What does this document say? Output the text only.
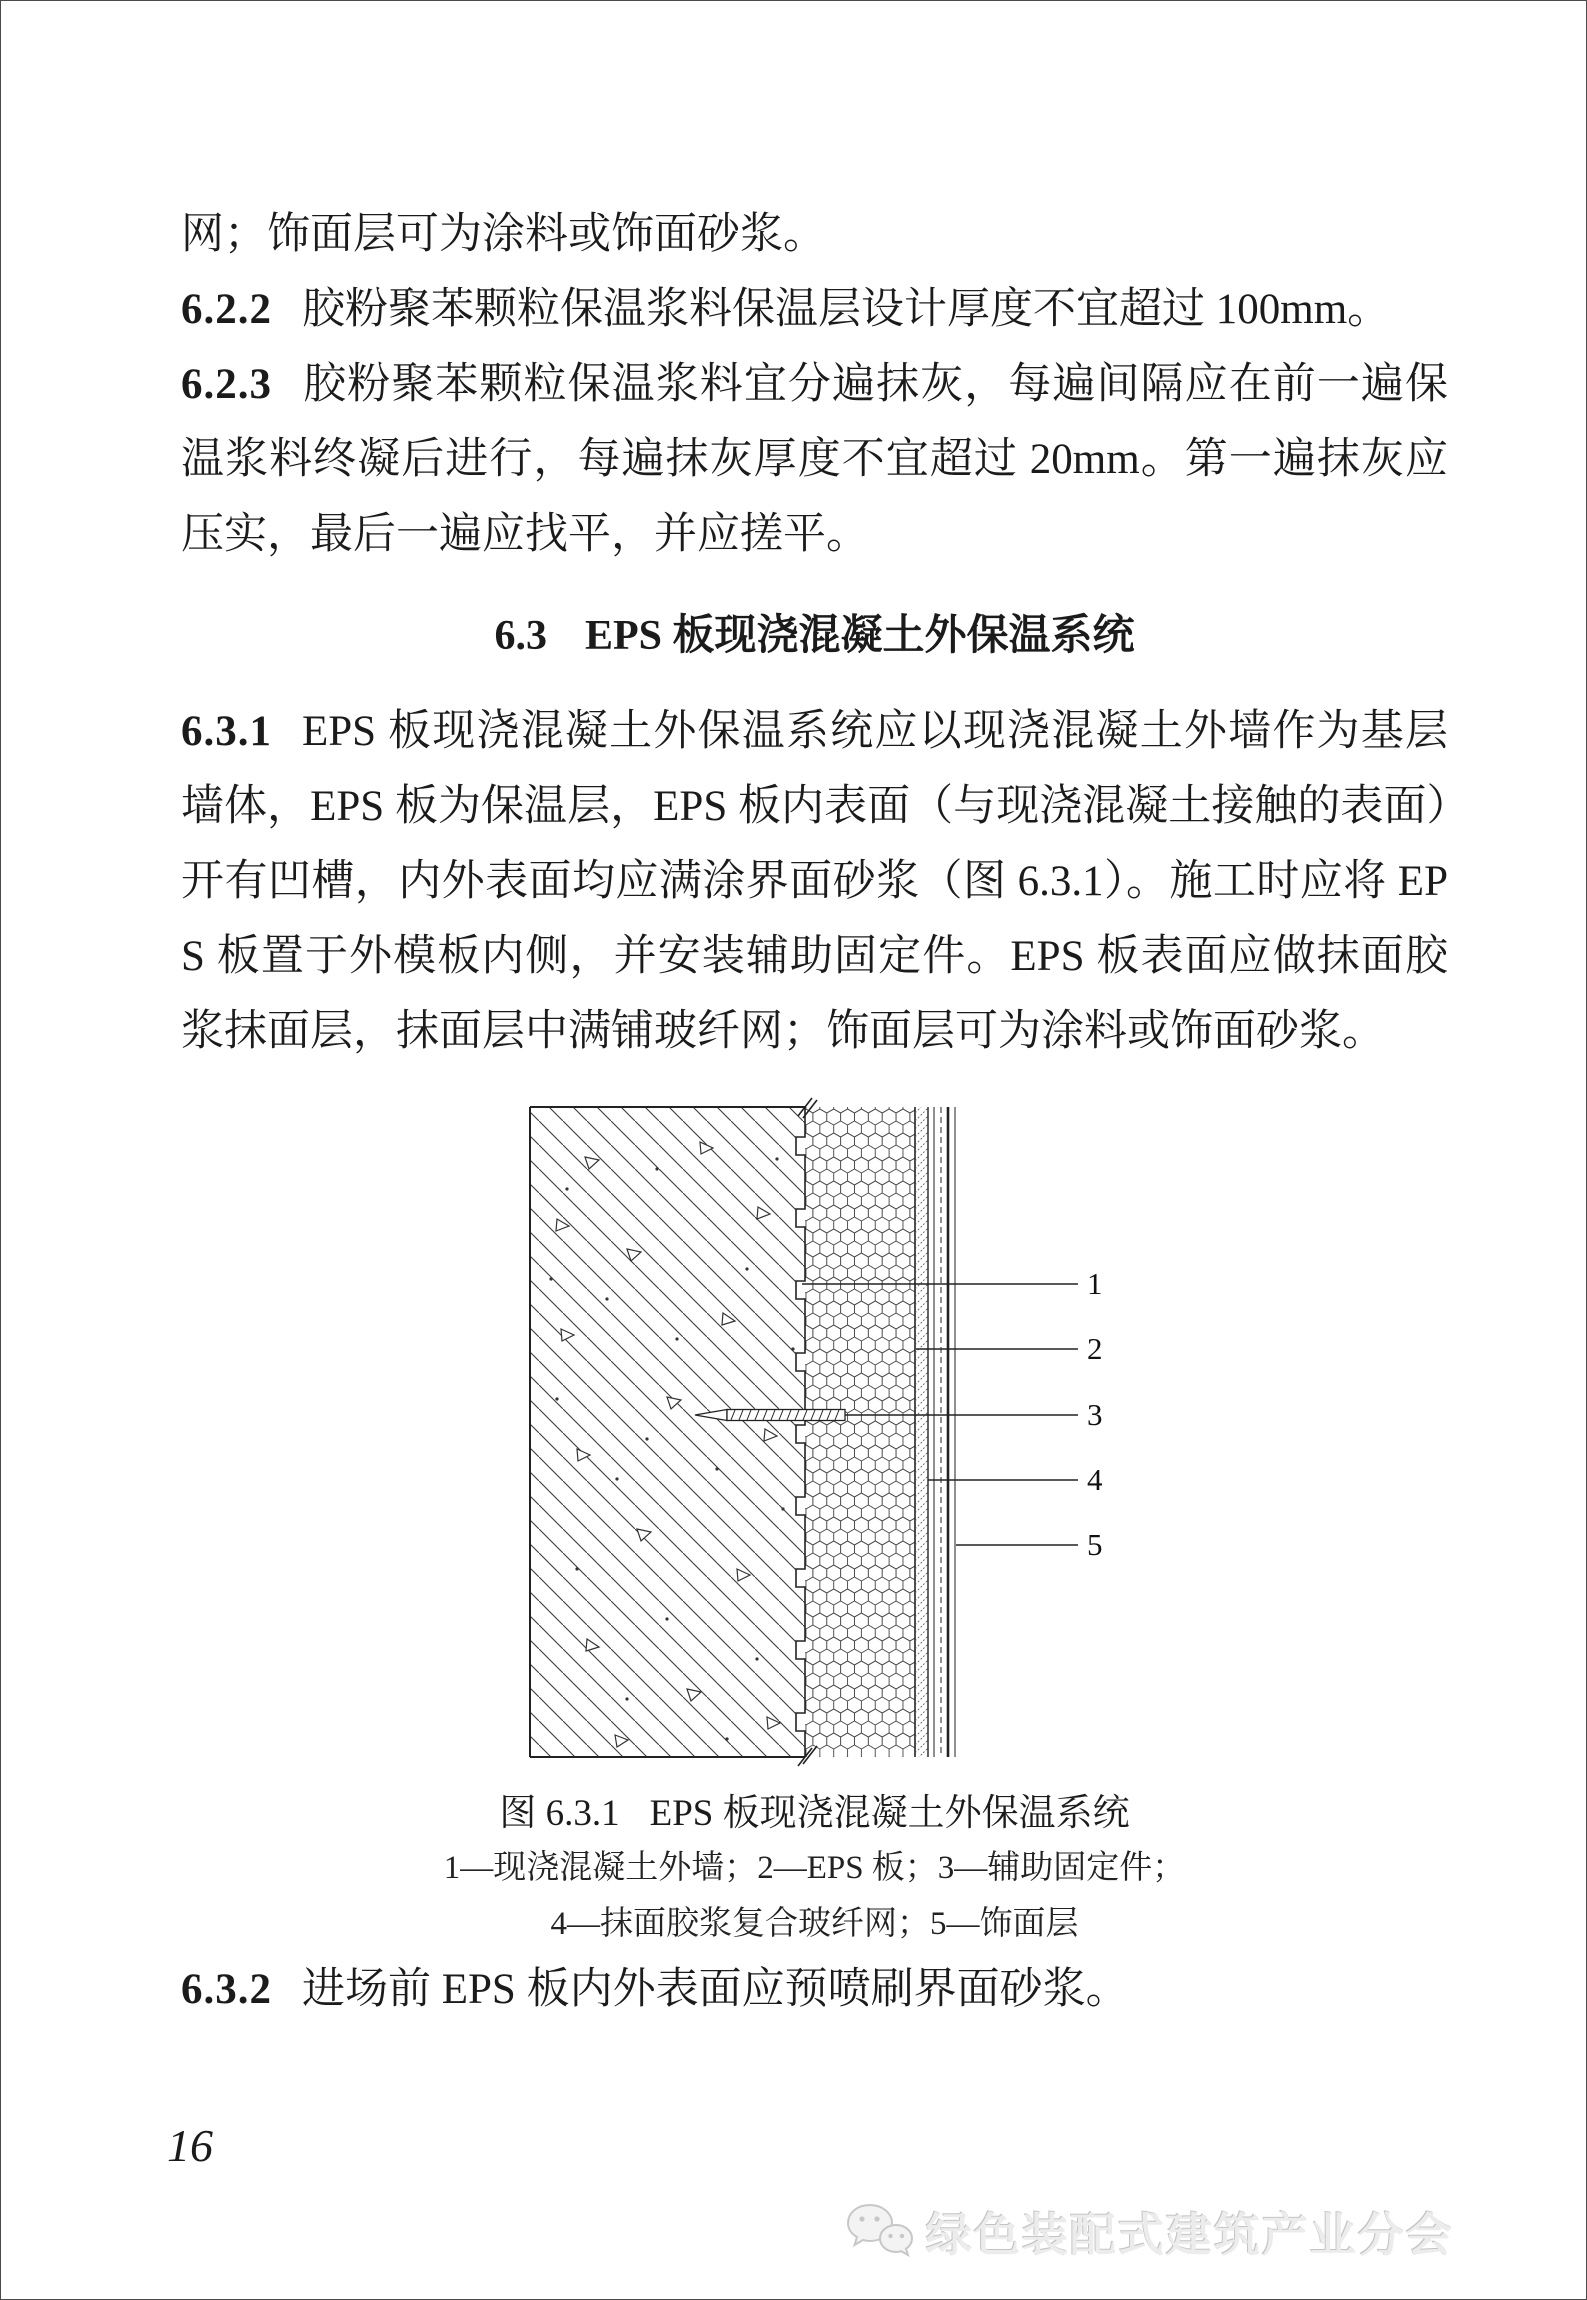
网；饰面层可为涂料或饰面砂浆。

6.2.2 胶粉聚苯颗粒保温浆料保温层设计厚度不宜超过 100mm。

6.2.3 胶粉聚苯颗粒保温浆料宜分遍抹灰，每遍间隔应在前一遍保温浆料终凝后进行，每遍抹灰厚度不宜超过 20mm。第一遍抹灰应压实，最后一遍应找平，并应搓平。

6.3 EPS 板现浇混凝土外保温系统

6.3.1 EPS 板现浇混凝土外保温系统应以现浇混凝土外墙作为基层墙体，EPS 板为保温层，EPS 板内表面（与现浇混凝土接触的表面）开有凹槽，内外表面均应满涂界面砂浆（图 6.3.1）。施工时应将 EPS 板置于外模板内侧，并安装辅助固定件。EPS 板表面应做抹面胶浆抹面层，抹面层中满铺玻纤网；饰面层可为涂料或饰面砂浆。

1
2
3
4
5
图 6.3.1 EPS 板现浇混凝土外保温系统
1—现浇混凝土外墙；2—EPS 板；3—辅助固定件；
4—抹面胶浆复合玻纤网；5—饰面层

6.3.2 进场前 EPS 板内外表面应预喷刷界面砂浆。

16
绿色装配式建筑产业分会
